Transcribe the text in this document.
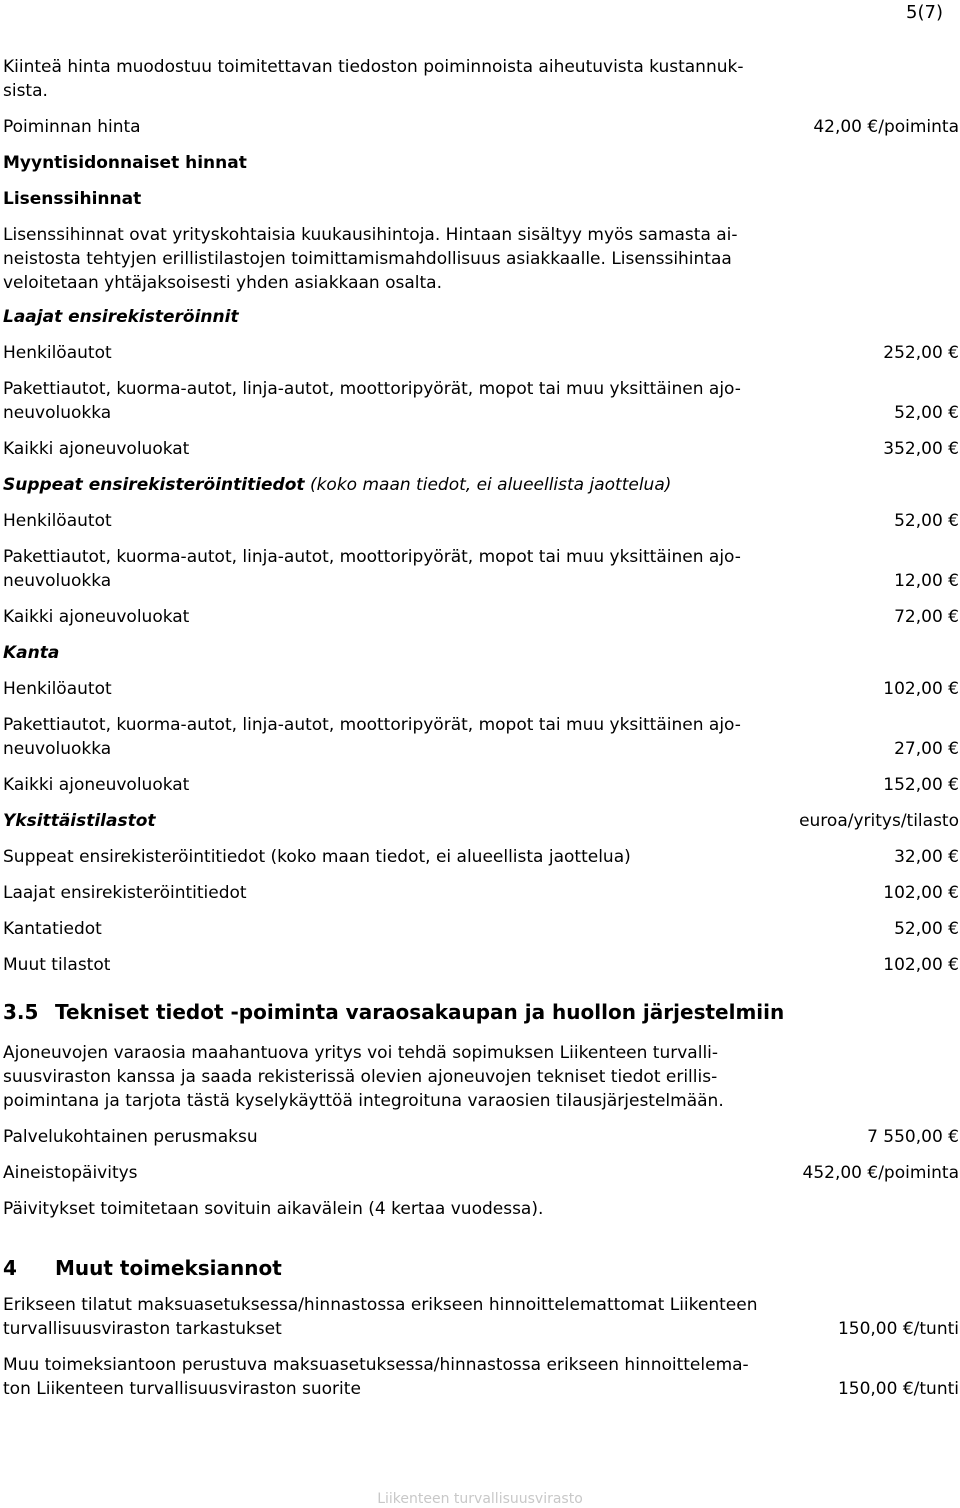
5(7)

Kiinteä hinta muodostuu toimitettavan tiedoston poiminnoista aiheutuvista kustannuk-

sista.

Poiminnan hinta	42,00 €/poiminta

Myyntisidonnaiset hinnat

Lisenssihinnat

Lisenssihinnat ovat yrityskohtaisia kuukausihintoja. Hintaan sisältyy myös samasta ai-

neistosta tehtyjen erillistilastojen toimittamismahdollisuus asiakkaalle. Lisenssihintaa

veloitetaan yhtäjaksoisesti yhden asiakkaan osalta.

Laajat ensirekisteröinnit

Henkilöautot	252,00 €
Pakettiautot, kuorma-autot, linja-autot, moottoripyörät, mopot tai muu yksittäinen ajo-
neuvoluokka	52,00 €
Kaikki ajoneuvoluokat	352,00 €
Suppeat ensirekisteröintitiedot (koko maan tiedot, ei alueellista jaottelua)
Henkilöautot	52,00 €
Pakettiautot, kuorma-autot, linja-autot, moottoripyörät, mopot tai muu yksittäinen ajo-
neuvoluokka	12,00 €
Kaikki ajoneuvoluokat	72,00 €

Kanta

Henkilöautot	102,00 €
Pakettiautot, kuorma-autot, linja-autot, moottoripyörät, mopot tai muu yksittäinen ajo-
neuvoluokka	27,00 €
Kaikki ajoneuvoluokat	152,00 €
Yksittäistilastot	euroa/yritys/tilasto
Suppeat ensirekisteröintitiedot (koko maan tiedot, ei alueellista jaottelua)	32,00 €
Laajat ensirekisteröintitiedot	102,00 €
Kantatiedot	52,00 €
Muut tilastot	102,00 €

3.5 Tekniset tiedot -poiminta varaosakaupan ja huollon järjestelmiin

Ajoneuvojen varaosia maahantuova yritys voi tehdä sopimuksen Liikenteen turvalli-

suusviraston kanssa ja saada rekisterissä olevien ajoneuvojen tekniset tiedot erillis-

poimintana ja tarjota tästä kyselykäyttöä integroituna varaosien tilausjärjestelmään.

Palvelukohtainen perusmaksu	7 550,00 €
Aineistopäivitys	452,00 €/poiminta

Päivitykset toimitetaan sovituin aikavälein (4 kertaa vuodessa).

4 Muut toimeksiannot

Erikseen tilatut maksuasetuksessa/hinnastossa erikseen hinnoittelemattomat Liikenteen
turvallisuusviraston tarkastukset	150,00 €/tunti
Muu toimeksiantoon perustuva maksuasetuksessa/hinnastossa erikseen hinnoittelema-
ton Liikenteen turvallisuusviraston suorite	150,00 €/tunti
Liikenteen turvallisuusvirasto
